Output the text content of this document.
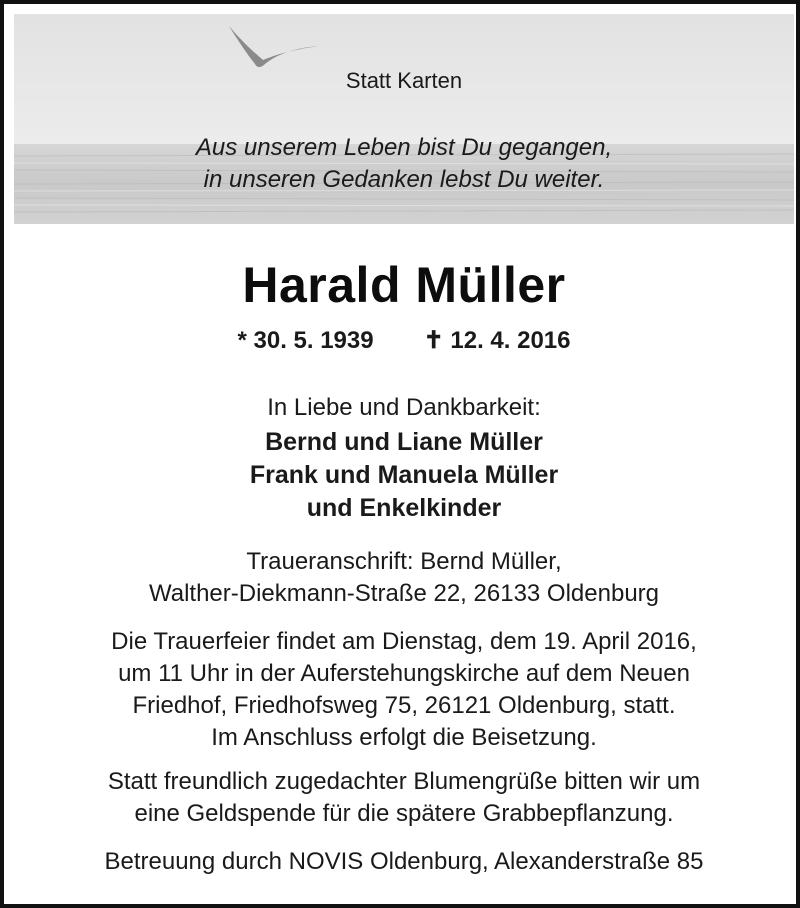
Statt Karten

Aus unserem Leben bist Du gegangen,

in unseren Gedanken lebst Du weiter.

Harald Müller

* 30. 5. 1939 ✝ 12. 4. 2016

In Liebe und Dankbarkeit:

Bernd und Liane Müller

Frank und Manuela Müller

und Enkelkinder

Traueranschrift: Bernd Müller,

Walther-Diekmann-Straße 22, 26133 Oldenburg

Die Trauerfeier findet am Dienstag, dem 19. April 2016,

um 11 Uhr in der Auferstehungskirche auf dem Neuen

Friedhof, Friedhofsweg 75, 26121 Oldenburg, statt.

Im Anschluss erfolgt die Beisetzung.

Statt freundlich zugedachter Blumengrüße bitten wir um

eine Geldspende für die spätere Grabbepflanzung.

Betreuung durch NOVIS Oldenburg, Alexanderstraße 85
